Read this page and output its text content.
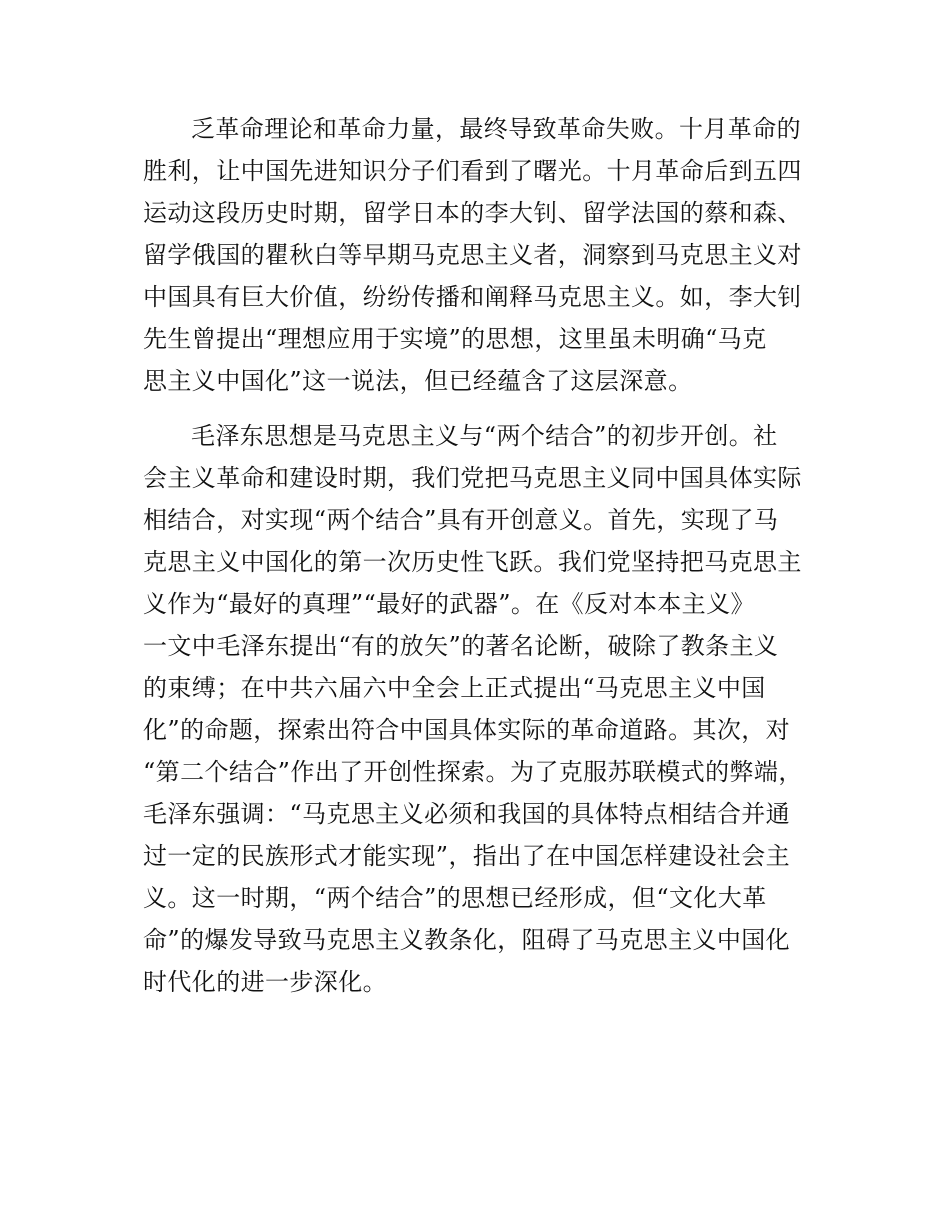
乏革命理论和革命力量，最终导致革命失败。十月革命的
胜利，让中国先进知识分子们看到了曙光。十月革命后到五四
运动这段历史时期，留学日本的李大钊、留学法国的蔡和森、
留学俄国的瞿秋白等早期马克思主义者，洞察到马克思主义对
中国具有巨大价值，纷纷传播和阐释马克思主义。如，李大钊
先生曾提出“理想应用于实境”的思想，这里虽未明确“马克
思主义中国化”这一说法，但已经蕴含了这层深意。
毛泽东思想是马克思主义与“两个结合”的初步开创。社
会主义革命和建设时期，我们党把马克思主义同中国具体实际
相结合，对实现“两个结合”具有开创意义。首先，实现了马
克思主义中国化的第一次历史性飞跃。我们党坚持把马克思主
义作为“最好的真理”“最好的武器”。在《反对本本主义》
一文中毛泽东提出“有的放矢”的著名论断，破除了教条主义
的束缚；在中共六届六中全会上正式提出“马克思主义中国
化”的命题，探索出符合中国具体实际的革命道路。其次，对
“第二个结合”作出了开创性探索。为了克服苏联模式的弊端，
毛泽东强调：“马克思主义必须和我国的具体特点相结合并通
过一定的民族形式才能实现”，指出了在中国怎样建设社会主
义。这一时期，“两个结合”的思想已经形成，但“文化大革
命”的爆发导致马克思主义教条化，阻碍了马克思主义中国化
时代化的进一步深化。
